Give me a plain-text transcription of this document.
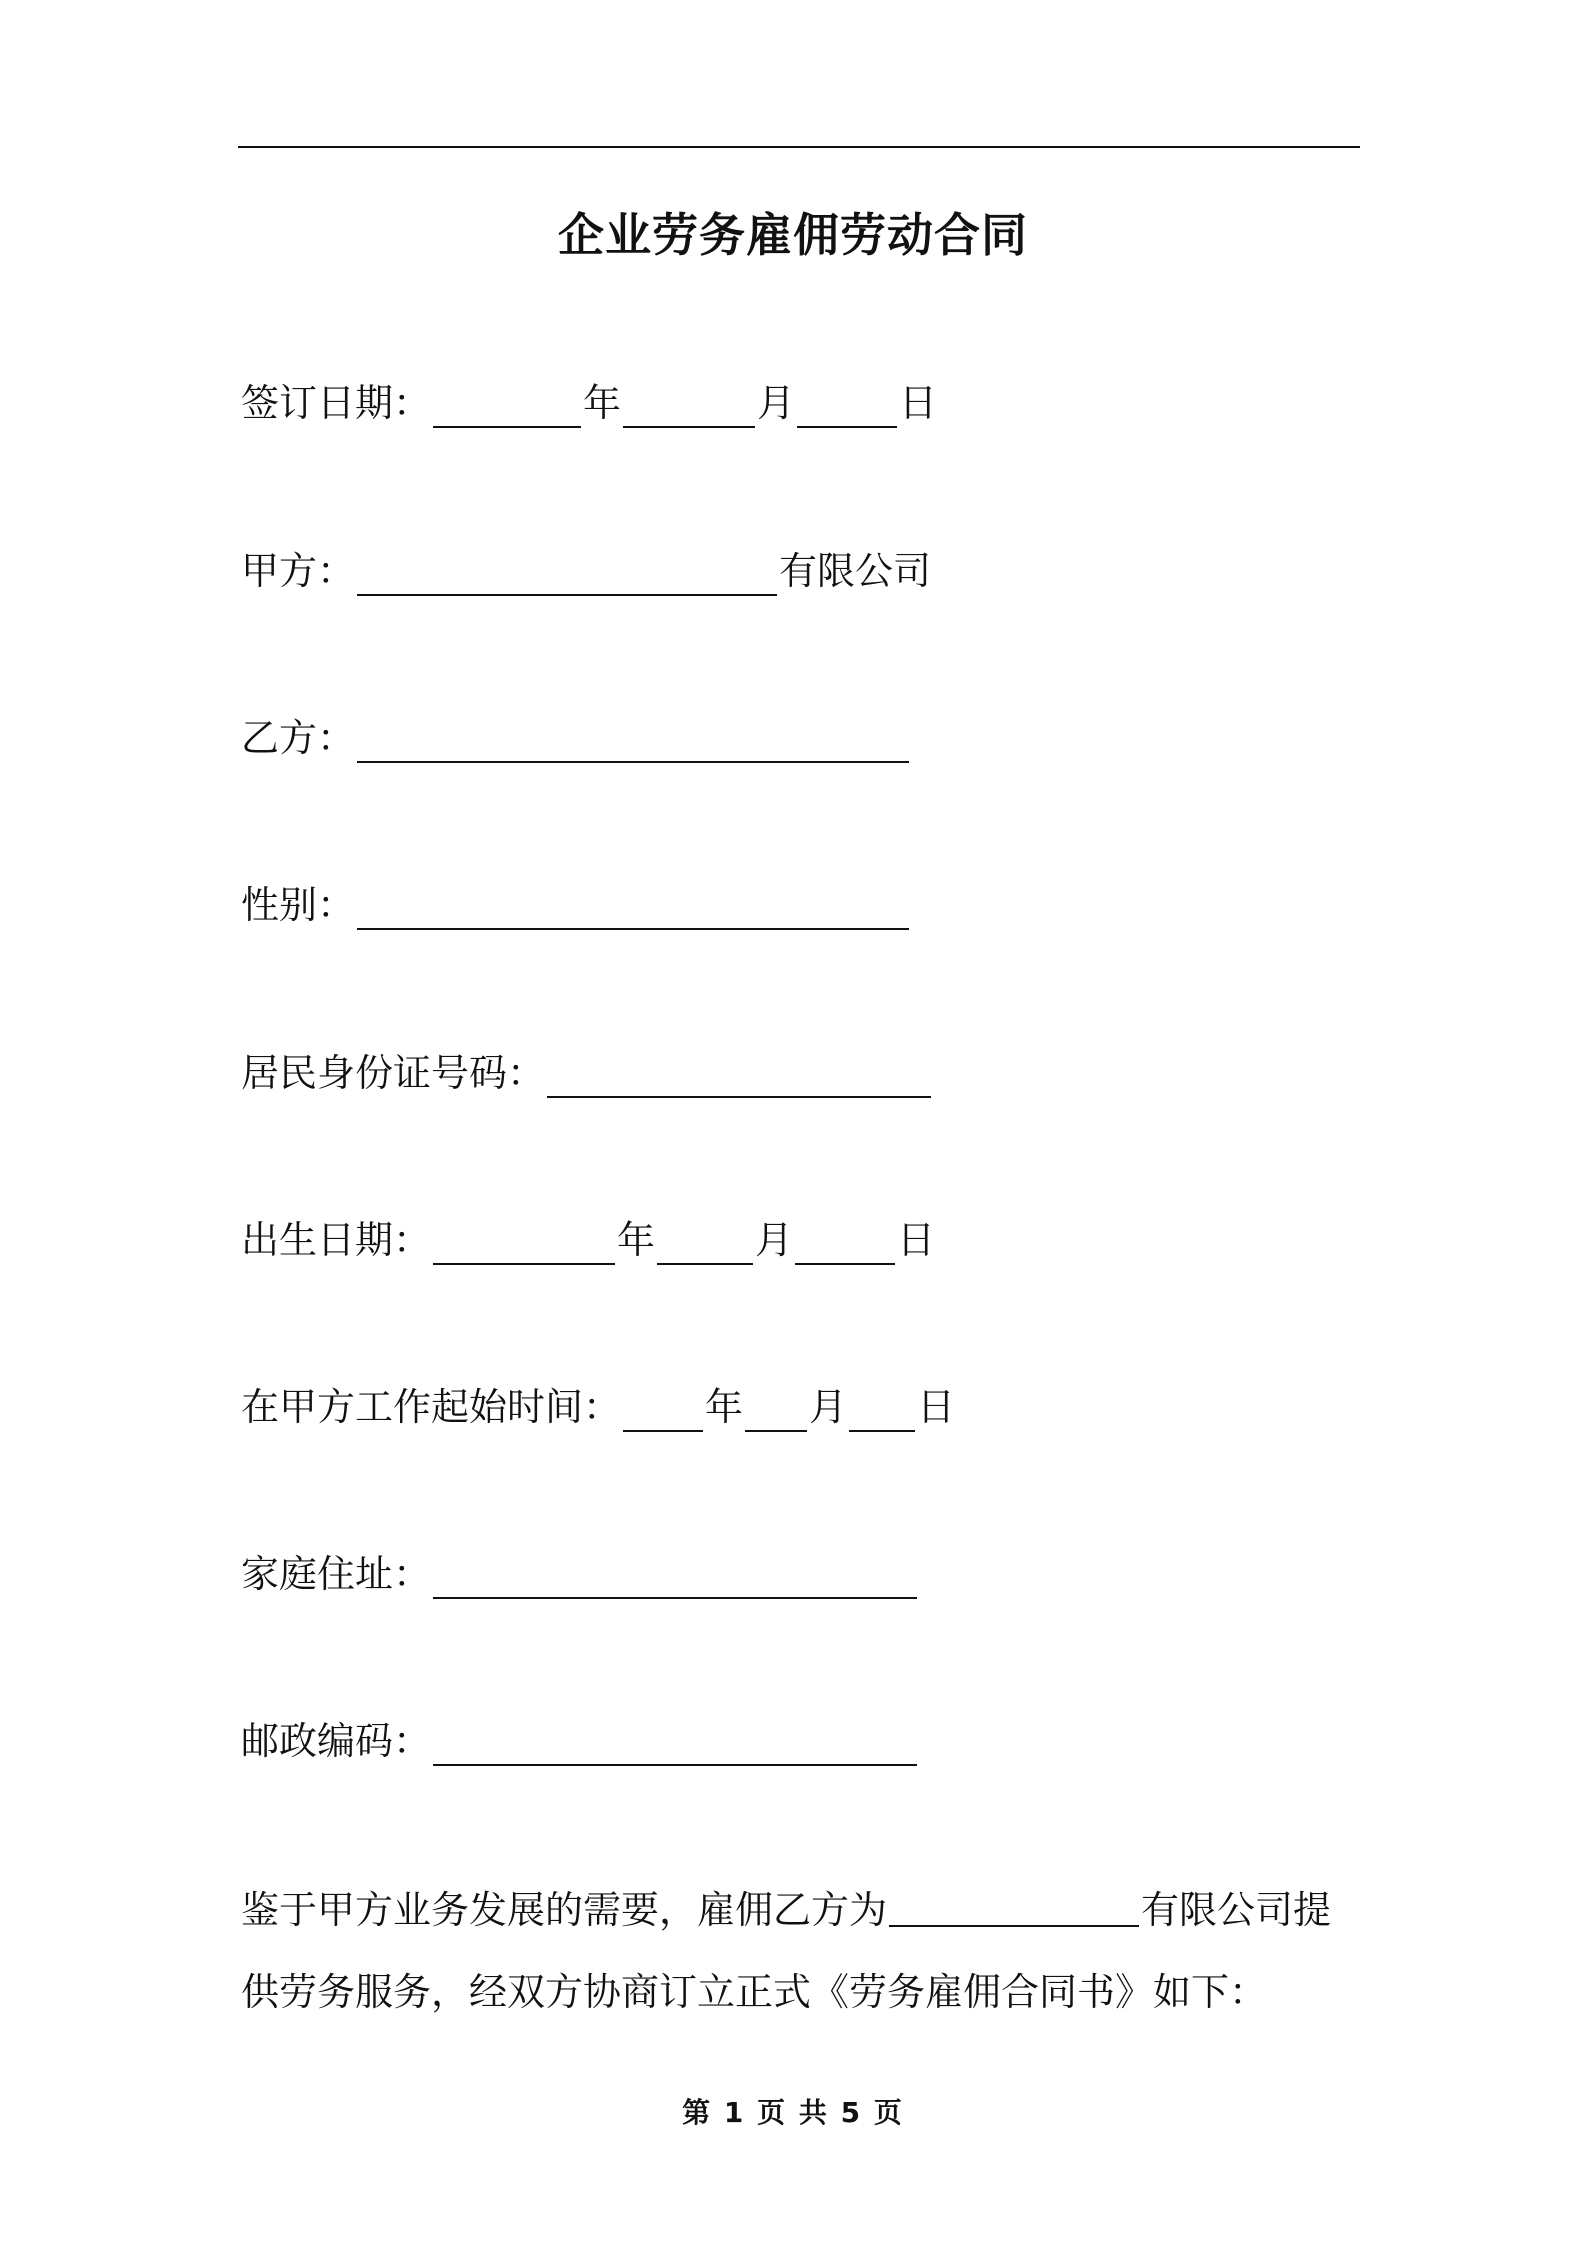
企业劳务雇佣劳动合同
签订日期：	年	月	日
甲方：	有限公司
乙方：
性别：
居民身份证号码：
出生日期：	年	月	日
在甲方工作起始时间： 年 月 日
家庭住址：
邮政编码：
鉴于甲方业务发展的需要，雇佣乙方为	有限公司提供劳务服务，经双方协商订立正式《劳务雇佣合同书》如下：
第 1 页 共 5 页
